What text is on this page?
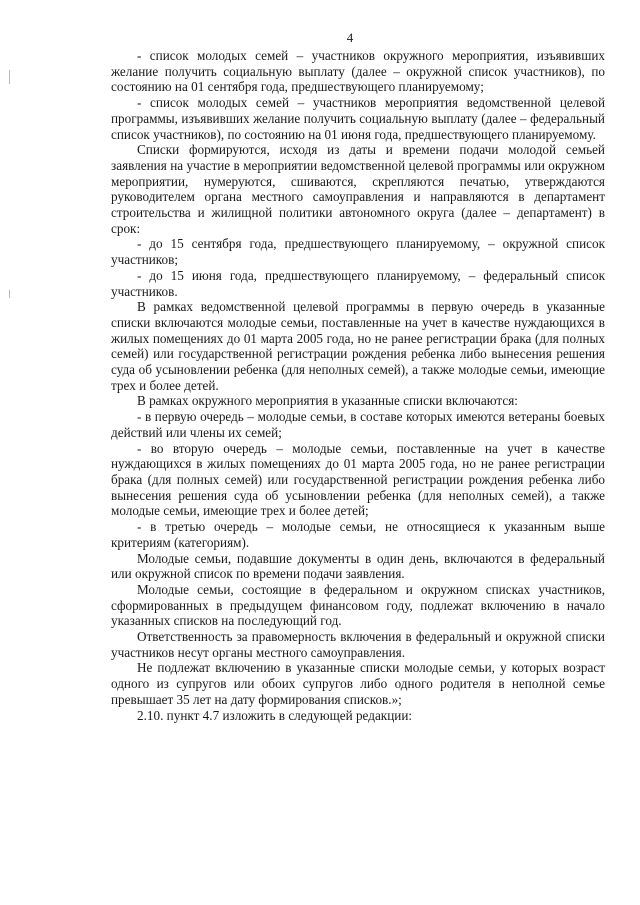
4

- список молодых семей – участников окружного мероприятия, изъявивших желание получить социальную выплату (далее – окружной список участников), по состоянию на 01 сентября года, предшествующего планируемому;

- список молодых семей – участников мероприятия ведомственной целевой программы, изъявивших желание получить социальную выплату (далее – федеральный список участников), по состоянию на 01 июня года, предшествующего планируемому.

Списки формируются, исходя из даты и времени подачи молодой семьей заявления на участие в мероприятии ведомственной целевой программы или окружном мероприятии, нумеруются, сшиваются, скрепляются печатью, утверждаются руководителем органа местного самоуправления и направляются в департамент строительства и жилищной политики автономного округа (далее – департамент) в срок:

- до 15 сентября года, предшествующего планируемому, – окружной список участников;

- до 15 июня года, предшествующего планируемому, – федеральный список участников.

В рамках ведомственной целевой программы в первую очередь в указанные списки включаются молодые семьи, поставленные на учет в качестве нуждающихся в жилых помещениях до 01 марта 2005 года, но не ранее регистрации брака (для полных семей) или государственной регистрации рождения ребенка либо вынесения решения суда об усыновлении ребенка (для неполных семей), а также молодые семьи, имеющие трех и более детей.

В рамках окружного мероприятия в указанные списки включаются:

- в первую очередь – молодые семьи, в составе которых имеются ветераны боевых действий или члены их семей;

- во вторую очередь – молодые семьи, поставленные на учет в качестве нуждающихся в жилых помещениях до 01 марта 2005 года, но не ранее регистрации брака (для полных семей) или государственной регистрации рождения ребенка либо вынесения решения суда об усыновлении ребенка (для неполных семей), а также молодые семьи, имеющие трех и более детей;

- в третью очередь – молодые семьи, не относящиеся к указанным выше критериям (категориям).

Молодые семьи, подавшие документы в один день, включаются в федеральный или окружной список по времени подачи заявления.

Молодые семьи, состоящие в федеральном и окружном списках участников, сформированных в предыдущем финансовом году, подлежат включению в начало указанных списков на последующий год.

Ответственность за правомерность включения в федеральный и окружной списки участников несут органы местного самоуправления.

Не подлежат включению в указанные списки молодые семьи, у которых возраст одного из супругов или обоих супругов либо одного родителя в неполной семье превышает 35 лет на дату формирования списков.»;

2.10. пункт 4.7 изложить в следующей редакции:
